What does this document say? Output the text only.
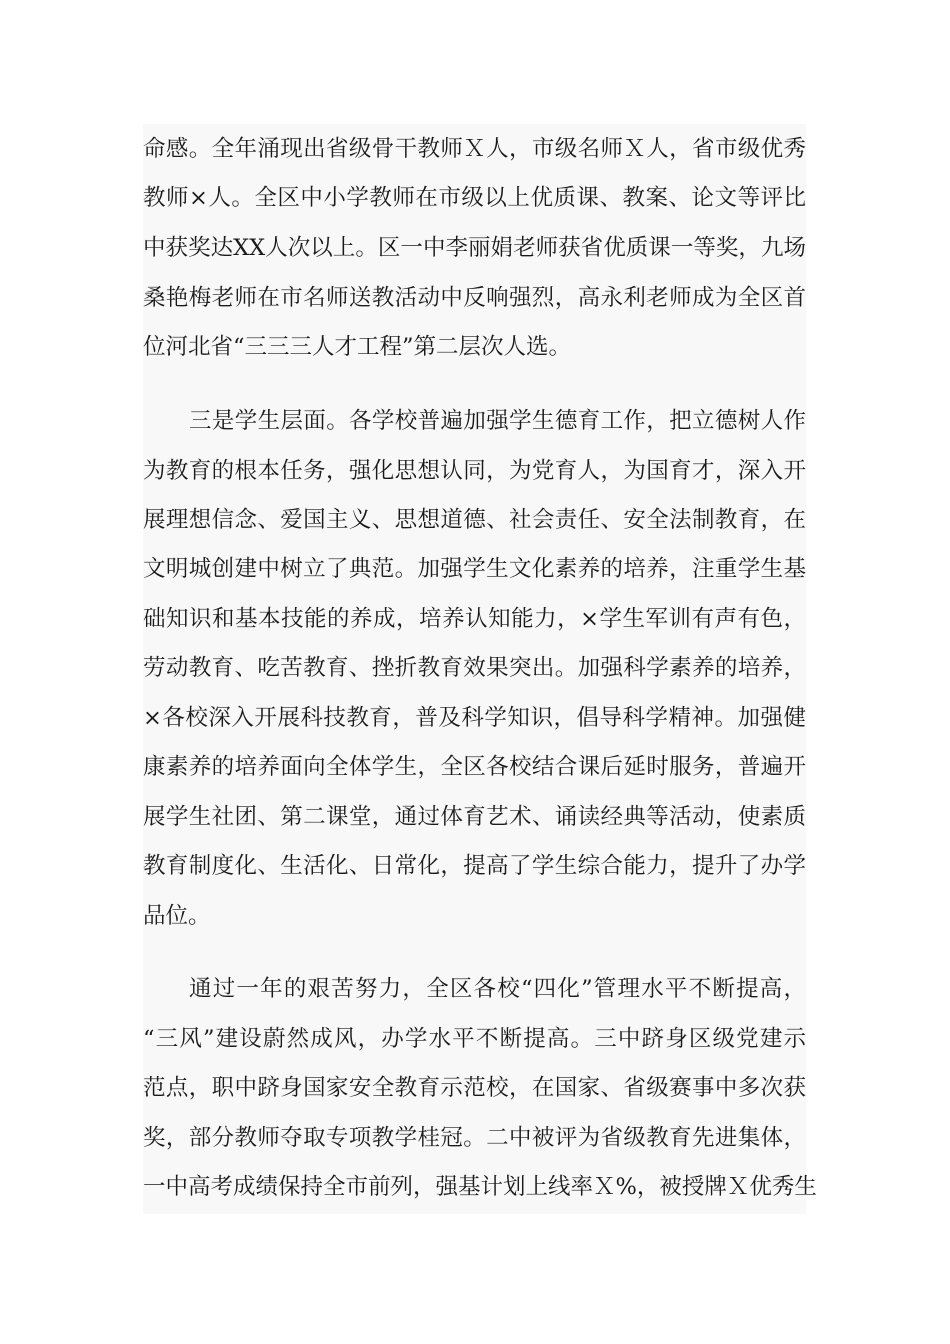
命感。全年涌现出省级骨干教师Ｘ人，市级名师Ｘ人，省市级优秀
教师×人。全区中小学教师在市级以上优质课、教案、论文等评比
中获奖达XX人次以上。区一中李丽娟老师获省优质课一等奖，九场
桑艳梅老师在市名师送教活动中反响强烈，高永利老师成为全区首
位河北省“三三三人才工程”第二层次人选。
三是学生层面。各学校普遍加强学生德育工作，把立德树人作
为教育的根本任务，强化思想认同，为党育人，为国育才，深入开
展理想信念、爱国主义、思想道德、社会责任、安全法制教育，在
文明城创建中树立了典范。加强学生文化素养的培养，注重学生基
础知识和基本技能的养成，培养认知能力，×学生军训有声有色，
劳动教育、吃苦教育、挫折教育效果突出。加强科学素养的培养，
×各校深入开展科技教育，普及科学知识，倡导科学精神。加强健
康素养的培养面向全体学生，全区各校结合课后延时服务，普遍开
展学生社团、第二课堂，通过体育艺术、诵读经典等活动，使素质
教育制度化、生活化、日常化，提高了学生综合能力，提升了办学
品位。
通过一年的艰苦努力，全区各校“四化”管理水平不断提高，
“三风”建设蔚然成风，办学水平不断提高。三中跻身区级党建示
范点，职中跻身国家安全教育示范校，在国家、省级赛事中多次获
奖，部分教师夺取专项教学桂冠。二中被评为省级教育先进集体，
一中高考成绩保持全市前列，强基计划上线率Ｘ%，被授牌Ｘ优秀生
